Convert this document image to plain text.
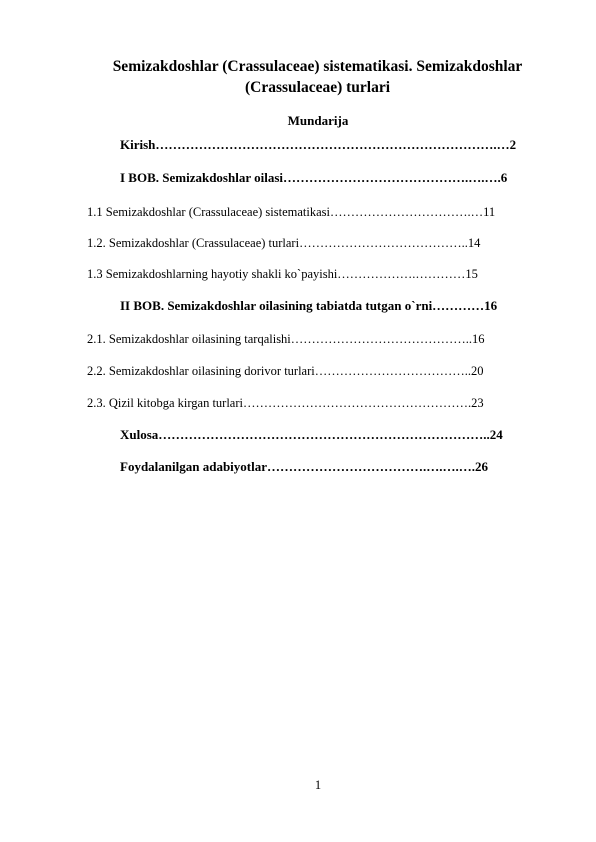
Semizakdoshlar (Crassulaceae) sistematikasi. Semizakdoshlar (Crassulaceae) turlari
Mundarija
Kirish…………………………………………………………………….…2
I BOB. Semizakdoshlar oilasi…………………………………….….….6
1.1 Semizakdoshlar (Crassulaceae) sistematikasi…………………………….…11
1.2. Semizakdoshlar (Crassulaceae) turlari…………………………………..14
1.3 Semizakdoshlarning hayotiy shakli ko`payishi……………….…………15
II BOB. Semizakdoshlar oilasining tabiatda tutgan o`rni…………16
2.1. Semizakdoshlar oilasining tarqalishi……………………………………..16
2.2. Semizakdoshlar oilasining dorivor turlari………………………………..20
2.3. Qizil kitobga kirgan turlari……………………………………………….23
Xulosa…………………………………………………………………..24
Foydalanilgan adabiyotlar……………………………….….….….26
1
